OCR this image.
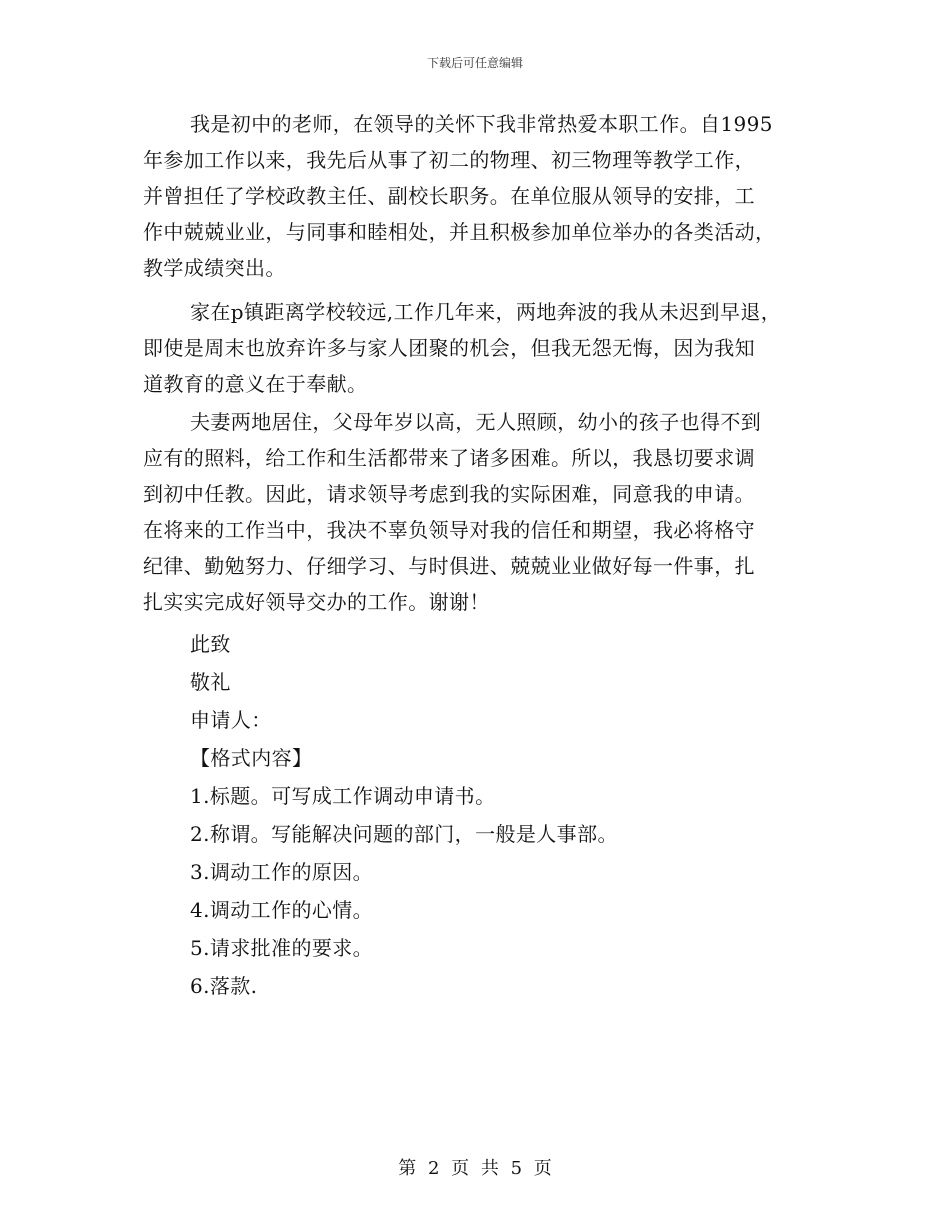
下载后可任意编辑
我是初中的老师，在领导的关怀下我非常热爱本职工作。自1995
年参加工作以来，我先后从事了初二的物理、初三物理等教学工作，
并曾担任了学校政教主任、副校长职务。在单位服从领导的安排，工
作中兢兢业业，与同事和睦相处，并且积极参加单位举办的各类活动，
教学成绩突出。
家在p镇距离学校较远,工作几年来，两地奔波的我从未迟到早退，
即使是周末也放弃许多与家人团聚的机会，但我无怨无悔，因为我知
道教育的意义在于奉献。
夫妻两地居住，父母年岁以高，无人照顾，幼小的孩子也得不到
应有的照料，给工作和生活都带来了诸多困难。所以，我恳切要求调
到初中任教。因此，请求领导考虑到我的实际困难，同意我的申请。
在将来的工作当中，我决不辜负领导对我的信任和期望，我必将格守
纪律、勤勉努力、仔细学习、与时俱进、兢兢业业做好每一件事，扎
扎实实完成好领导交办的工作。谢谢！
此致
敬礼
申请人：
【格式内容】
1.标题。可写成工作调动申请书。
2.称谓。写能解决问题的部门，一般是人事部。
3.调动工作的原因。
4.调动工作的心情。
5.请求批准的要求。
6.落款.
第 2 页 共 5 页
